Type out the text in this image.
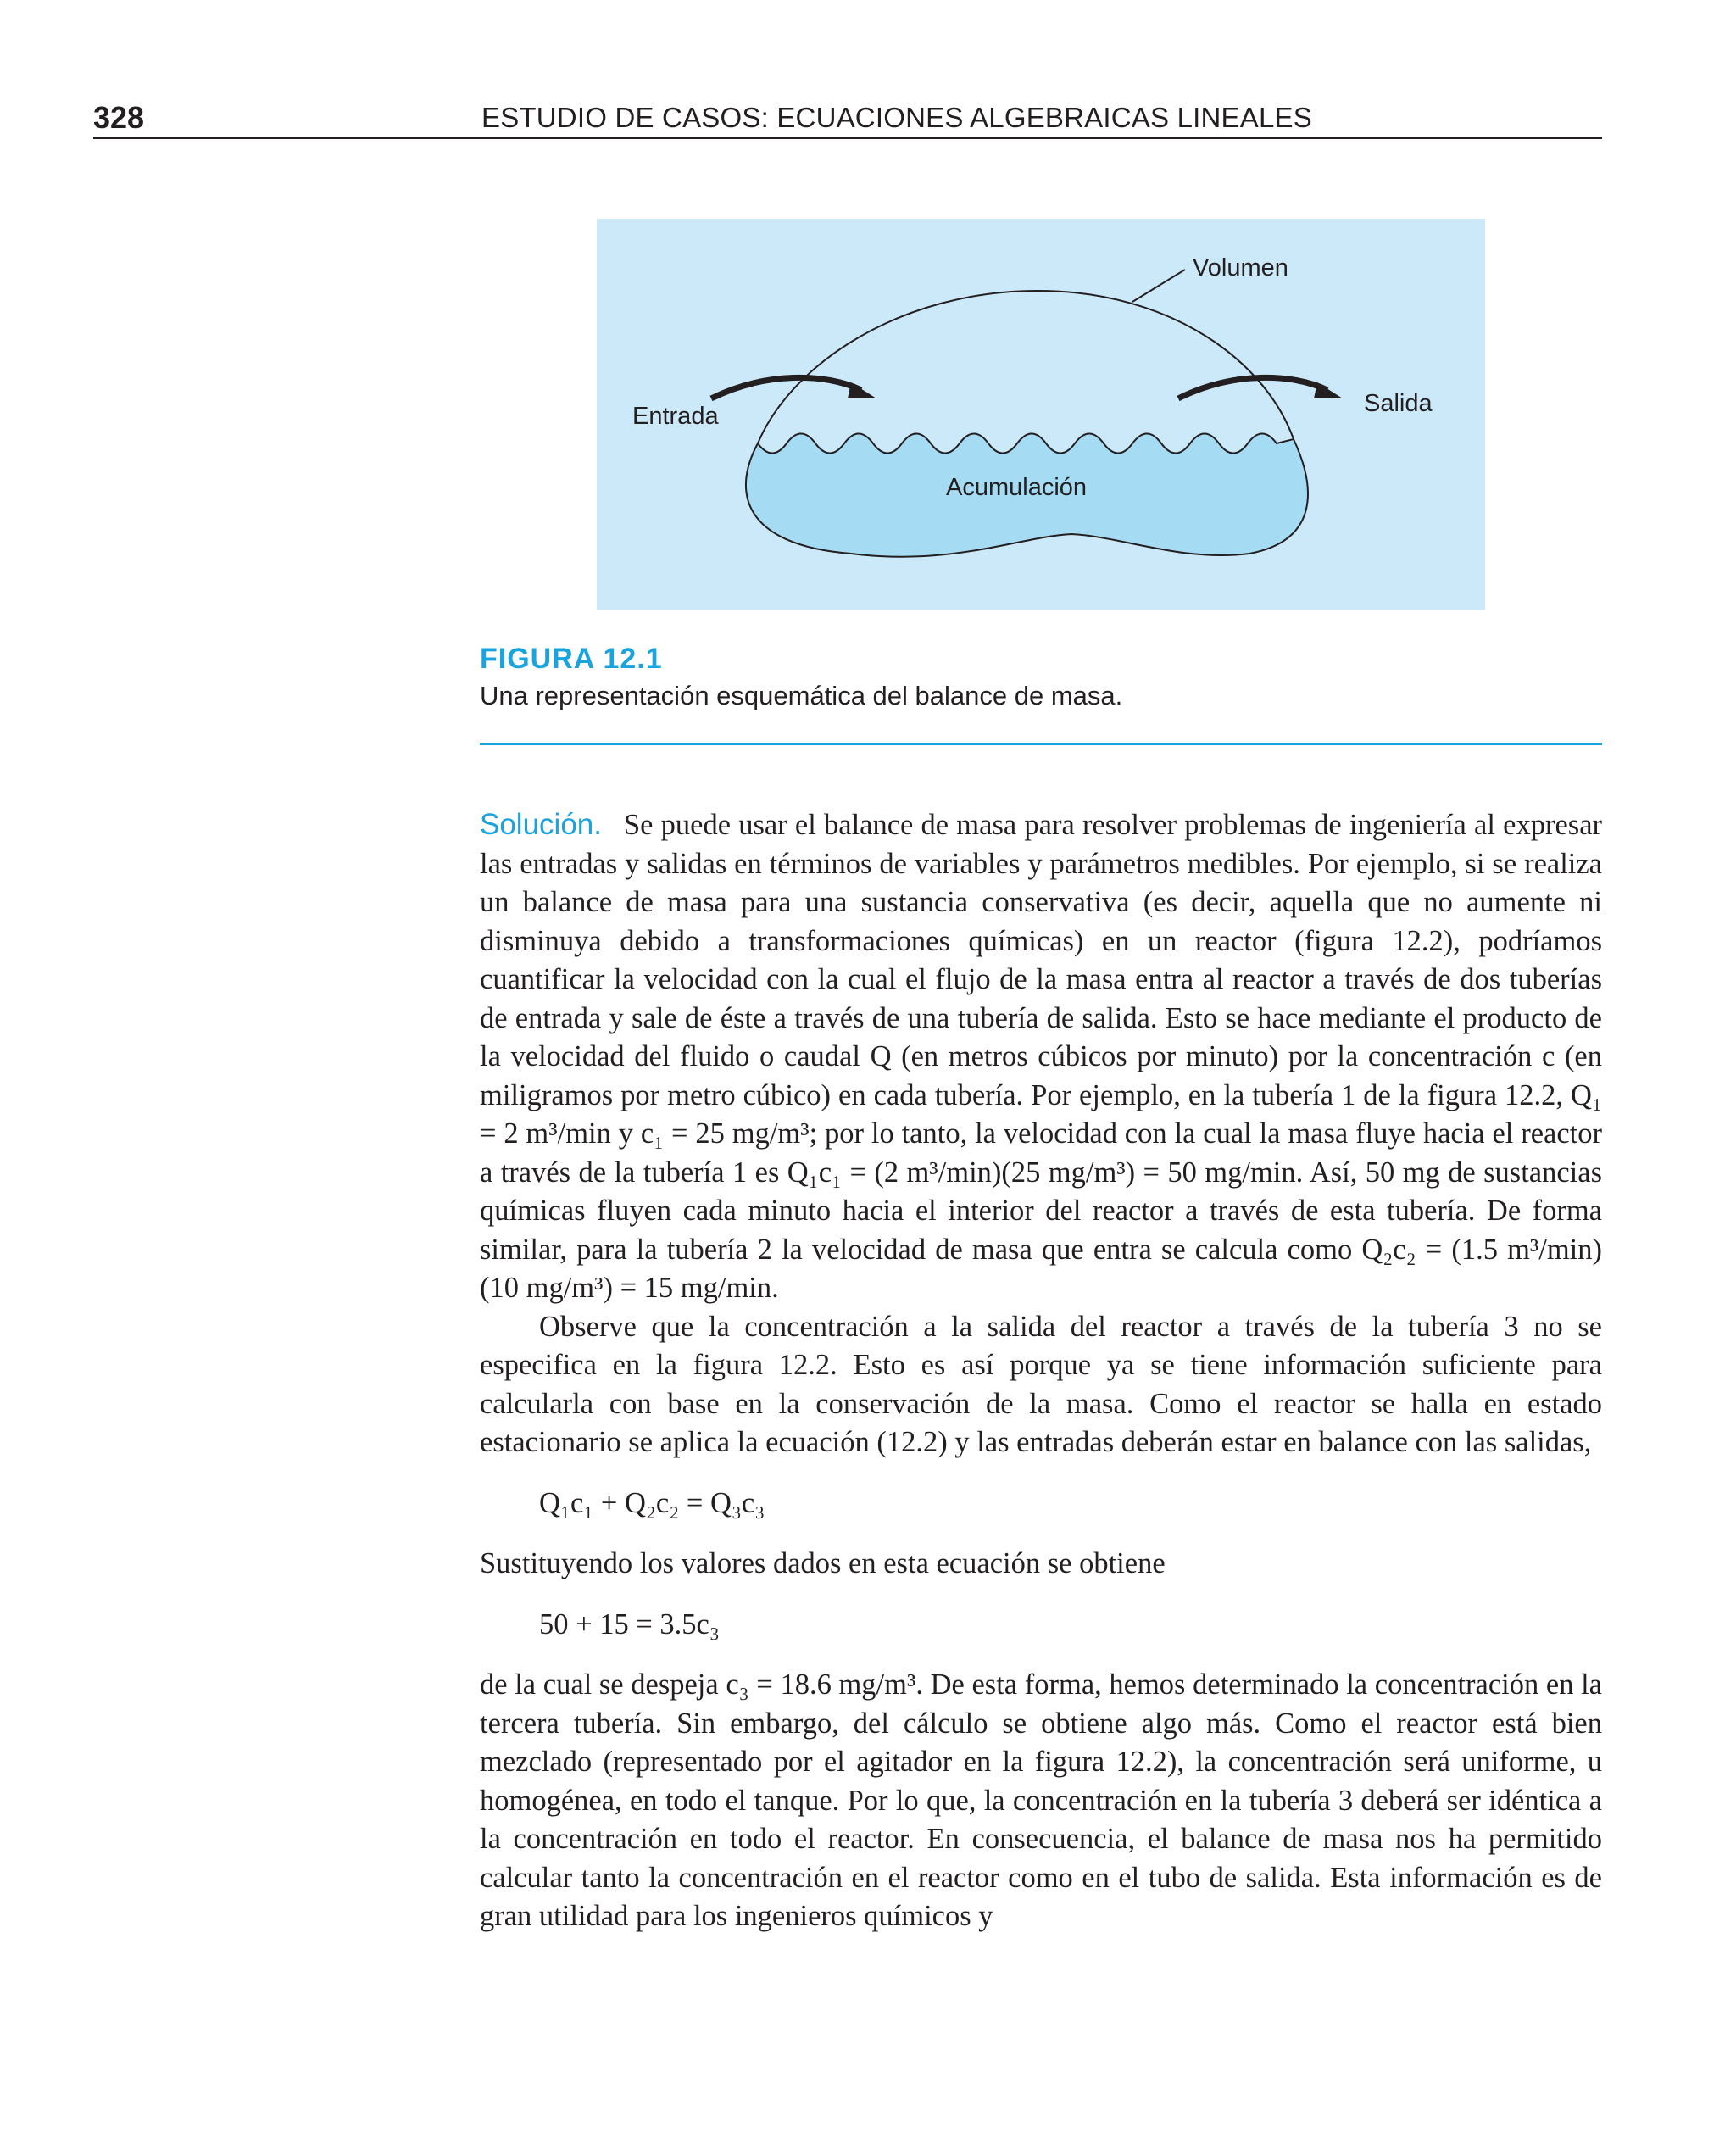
328	ESTUDIO DE CASOS: ECUACIONES ALGEBRAICAS LINEALES
Volumen
Entrada	Salida
Acumulación
FIGURA 12.1
Una representación esquemática del balance de masa.

Solución. Se puede usar el balance de masa para resolver problemas de ingeniería al expresar las entradas y salidas en términos de variables y parámetros medibles. Por ejemplo, si se realiza un balance de masa para una sustancia conservativa (es decir, aquella que no aumente ni disminuya debido a transformaciones químicas) en un reactor (figura 12.2), podríamos cuantificar la velocidad con la cual el flujo de la masa entra al reactor a través de dos tuberías de entrada y sale de éste a través de una tubería de salida. Esto se hace mediante el producto de la velocidad del fluido o caudal Q (en metros cúbicos por minuto) por la concentración c (en miligramos por metro cúbico) en cada tubería. Por ejemplo, en la tubería 1 de la figura 12.2, Q₁ = 2 m³/min y c₁ = 25 mg/m³; por lo tanto, la velocidad con la cual la masa fluye hacia el reactor a través de la tubería 1 es Q₁c₁ = (2 m³/min)(25 mg/m³) = 50 mg/min. Así, 50 mg de sustancias químicas fluyen cada minuto hacia el interior del reactor a través de esta tubería. De forma similar, para la tubería 2 la velocidad de masa que entra se calcula como Q₂c₂ = (1.5 m³/min) (10 mg/m³) = 15 mg/min.

Observe que la concentración a la salida del reactor a través de la tubería 3 no se especifica en la figura 12.2. Esto es así porque ya se tiene información suficiente para calcularla con base en la conservación de la masa. Como el reactor se halla en estado estacionario se aplica la ecuación (12.2) y las entradas deberán estar en balance con las salidas,

Q₁c₁ + Q₂c₂ = Q₃c₃

Sustituyendo los valores dados en esta ecuación se obtiene

50 + 15 = 3.5c₃

de la cual se despeja c₃ = 18.6 mg/m³. De esta forma, hemos determinado la concentración en la tercera tubería. Sin embargo, del cálculo se obtiene algo más. Como el reactor está bien mezclado (representado por el agitador en la figura 12.2), la concentración será uniforme, u homogénea, en todo el tanque. Por lo que, la concentración en la tubería 3 deberá ser idéntica a la concentración en todo el reactor. En consecuencia, el balance de masa nos ha permitido calcular tanto la concentración en el reactor como en el tubo de salida. Esta información es de gran utilidad para los ingenieros químicos y
